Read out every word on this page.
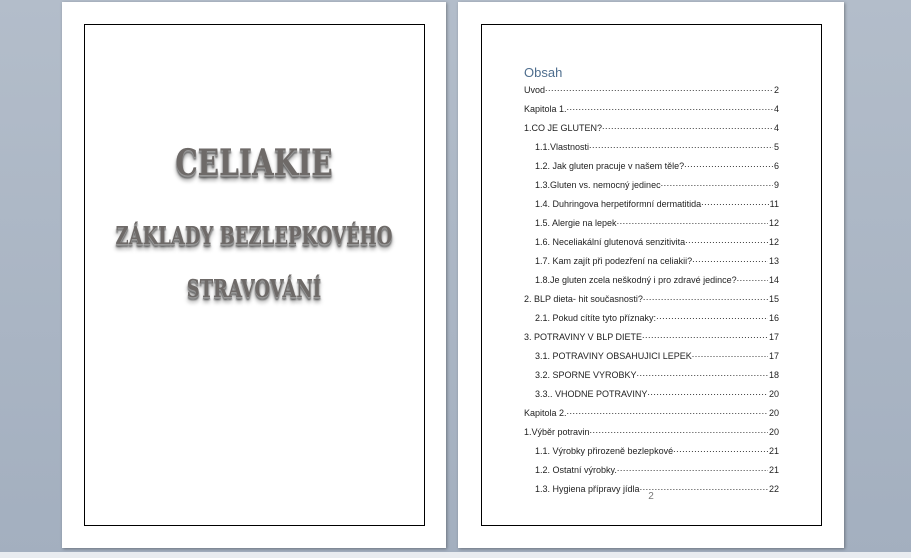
CELIAKIE
ZÁKLADY BEZLEPKOVÉHO
STRAVOVÁNÍ
Obsah
Uvod .....	2
Kapitola 1. .....	4
1.CO JE GLUTEN? .....	4
1.1.Vlastnosti .....	5
1.2. Jak gluten pracuje v našem těle? .....	6
1.3.Gluten vs. nemocný jedinec .....	9
1.4. Duhringova herpetiformní dermatitida .....	11
1.5. Alergie na lepek .....	12
1.6. Neceliakální glutenová senzitivita .....	12
1.7. Kam zajít při podezření na celiakii? .....	13
1.8.Je gluten zcela neškodný i pro zdravé jedince? .....	14
2. BLP dieta- hit současnosti? .....	15
2.1. Pokud cítíte tyto příznaky: .....	16
3. POTRAVINY V BLP DIETE .....	17
3.1. POTRAVINY OBSAHUJICI LEPEK .....	17
3.2. SPORNE VYROBKY .....	18
3.3.. VHODNE POTRAVINY .....	20
Kapitola 2. .....	20
1.Výběr potravin .....	20
1.1. Výrobky přirozeně bezlepkové .....	21
1.2. Ostatní výrobky. .....	21
1.3. Hygiena přípravy jídla .....	22
2
